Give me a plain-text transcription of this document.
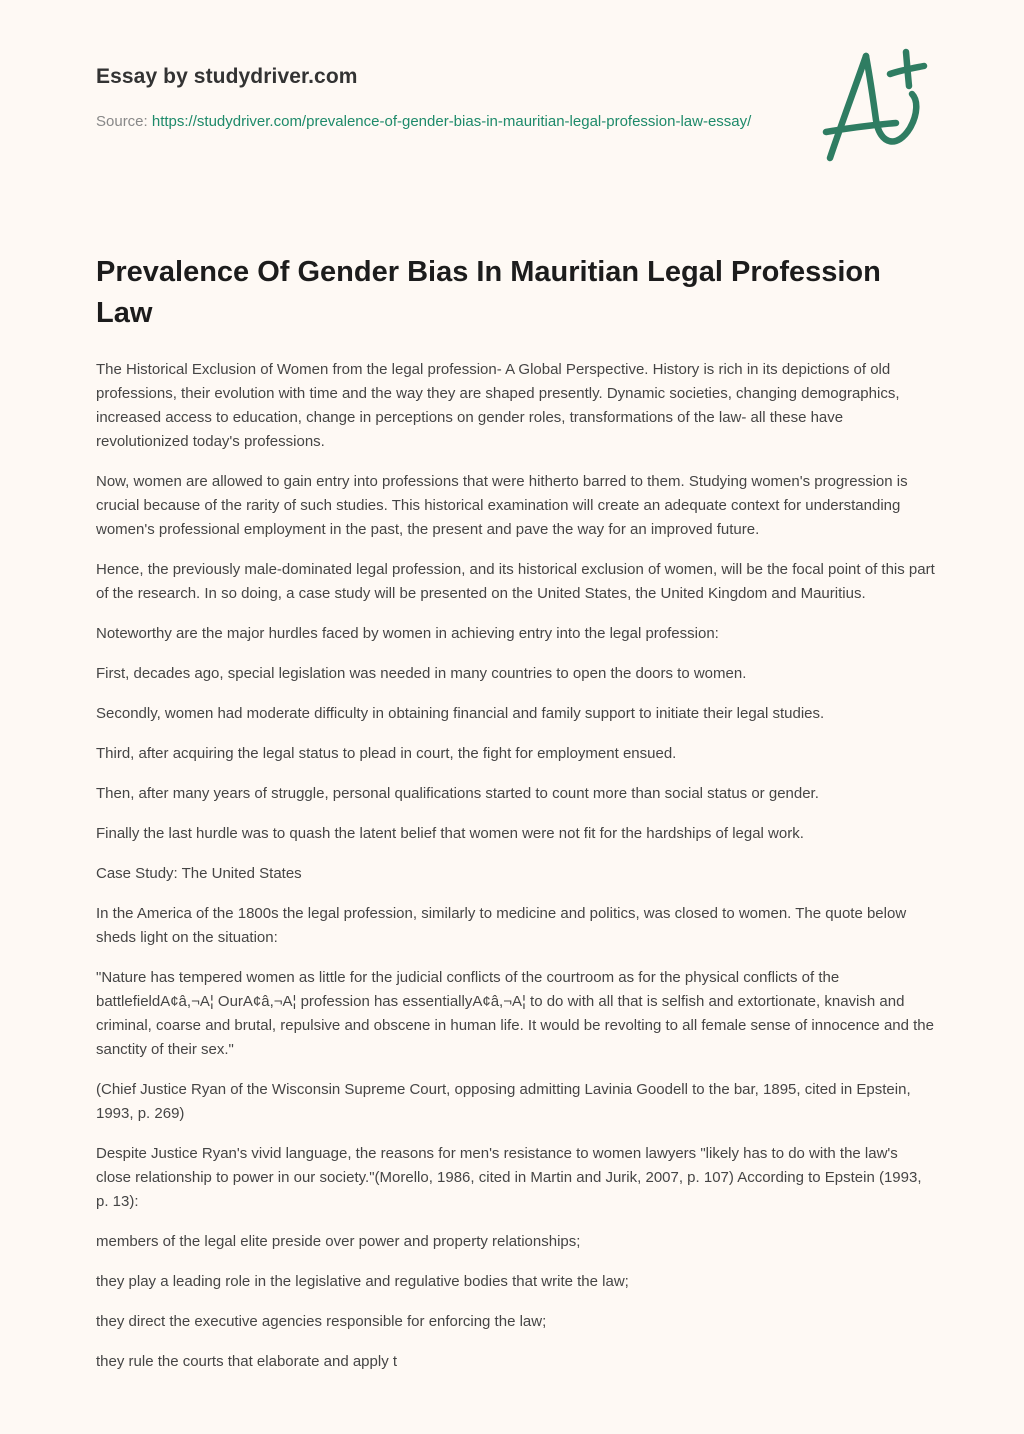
Essay by studydriver.com
Source: https://studydriver.com/prevalence-of-gender-bias-in-mauritian-legal-profession-law-essay/
Prevalence Of Gender Bias In Mauritian Legal Profession Law

The Historical Exclusion of Women from the legal profession- A Global Perspective. History is rich in its depictions of old professions, their evolution with time and the way they are shaped presently. Dynamic societies, changing demographics, increased access to education, change in perceptions on gender roles, transformations of the law- all these have revolutionized today's professions.

Now, women are allowed to gain entry into professions that were hitherto barred to them. Studying women's progression is crucial because of the rarity of such studies. This historical examination will create an adequate context for understanding women's professional employment in the past, the present and pave the way for an improved future.

Hence, the previously male-dominated legal profession, and its historical exclusion of women, will be the focal point of this part of the research. In so doing, a case study will be presented on the United States, the United Kingdom and Mauritius.

Noteworthy are the major hurdles faced by women in achieving entry into the legal profession:

First, decades ago, special legislation was needed in many countries to open the doors to women.

Secondly, women had moderate difficulty in obtaining financial and family support to initiate their legal studies.

Third, after acquiring the legal status to plead in court, the fight for employment ensued.

Then, after many years of struggle, personal qualifications started to count more than social status or gender.

Finally the last hurdle was to quash the latent belief that women were not fit for the hardships of legal work.

Case Study: The United States

In the America of the 1800s the legal profession, similarly to medicine and politics, was closed to women. The quote below sheds light on the situation:

"Nature has tempered women as little for the judicial conflicts of the courtroom as for the physical conflicts of the battlefieldA¢â,¬A¦ OurA¢â,¬A¦ profession has essentiallyA¢â,¬A¦ to do with all that is selfish and extortionate, knavish and criminal, coarse and brutal, repulsive and obscene in human life. It would be revolting to all female sense of innocence and the sanctity of their sex."

(Chief Justice Ryan of the Wisconsin Supreme Court, opposing admitting Lavinia Goodell to the bar, 1895, cited in Epstein, 1993, p. 269)

Despite Justice Ryan's vivid language, the reasons for men's resistance to women lawyers "likely has to do with the law's close relationship to power in our society."(Morello, 1986, cited in Martin and Jurik, 2007, p. 107) According to Epstein (1993, p. 13):

members of the legal elite preside over power and property relationships;

they play a leading role in the legislative and regulative bodies that write the law;

they direct the executive agencies responsible for enforcing the law;

they rule the courts that elaborate and apply t
